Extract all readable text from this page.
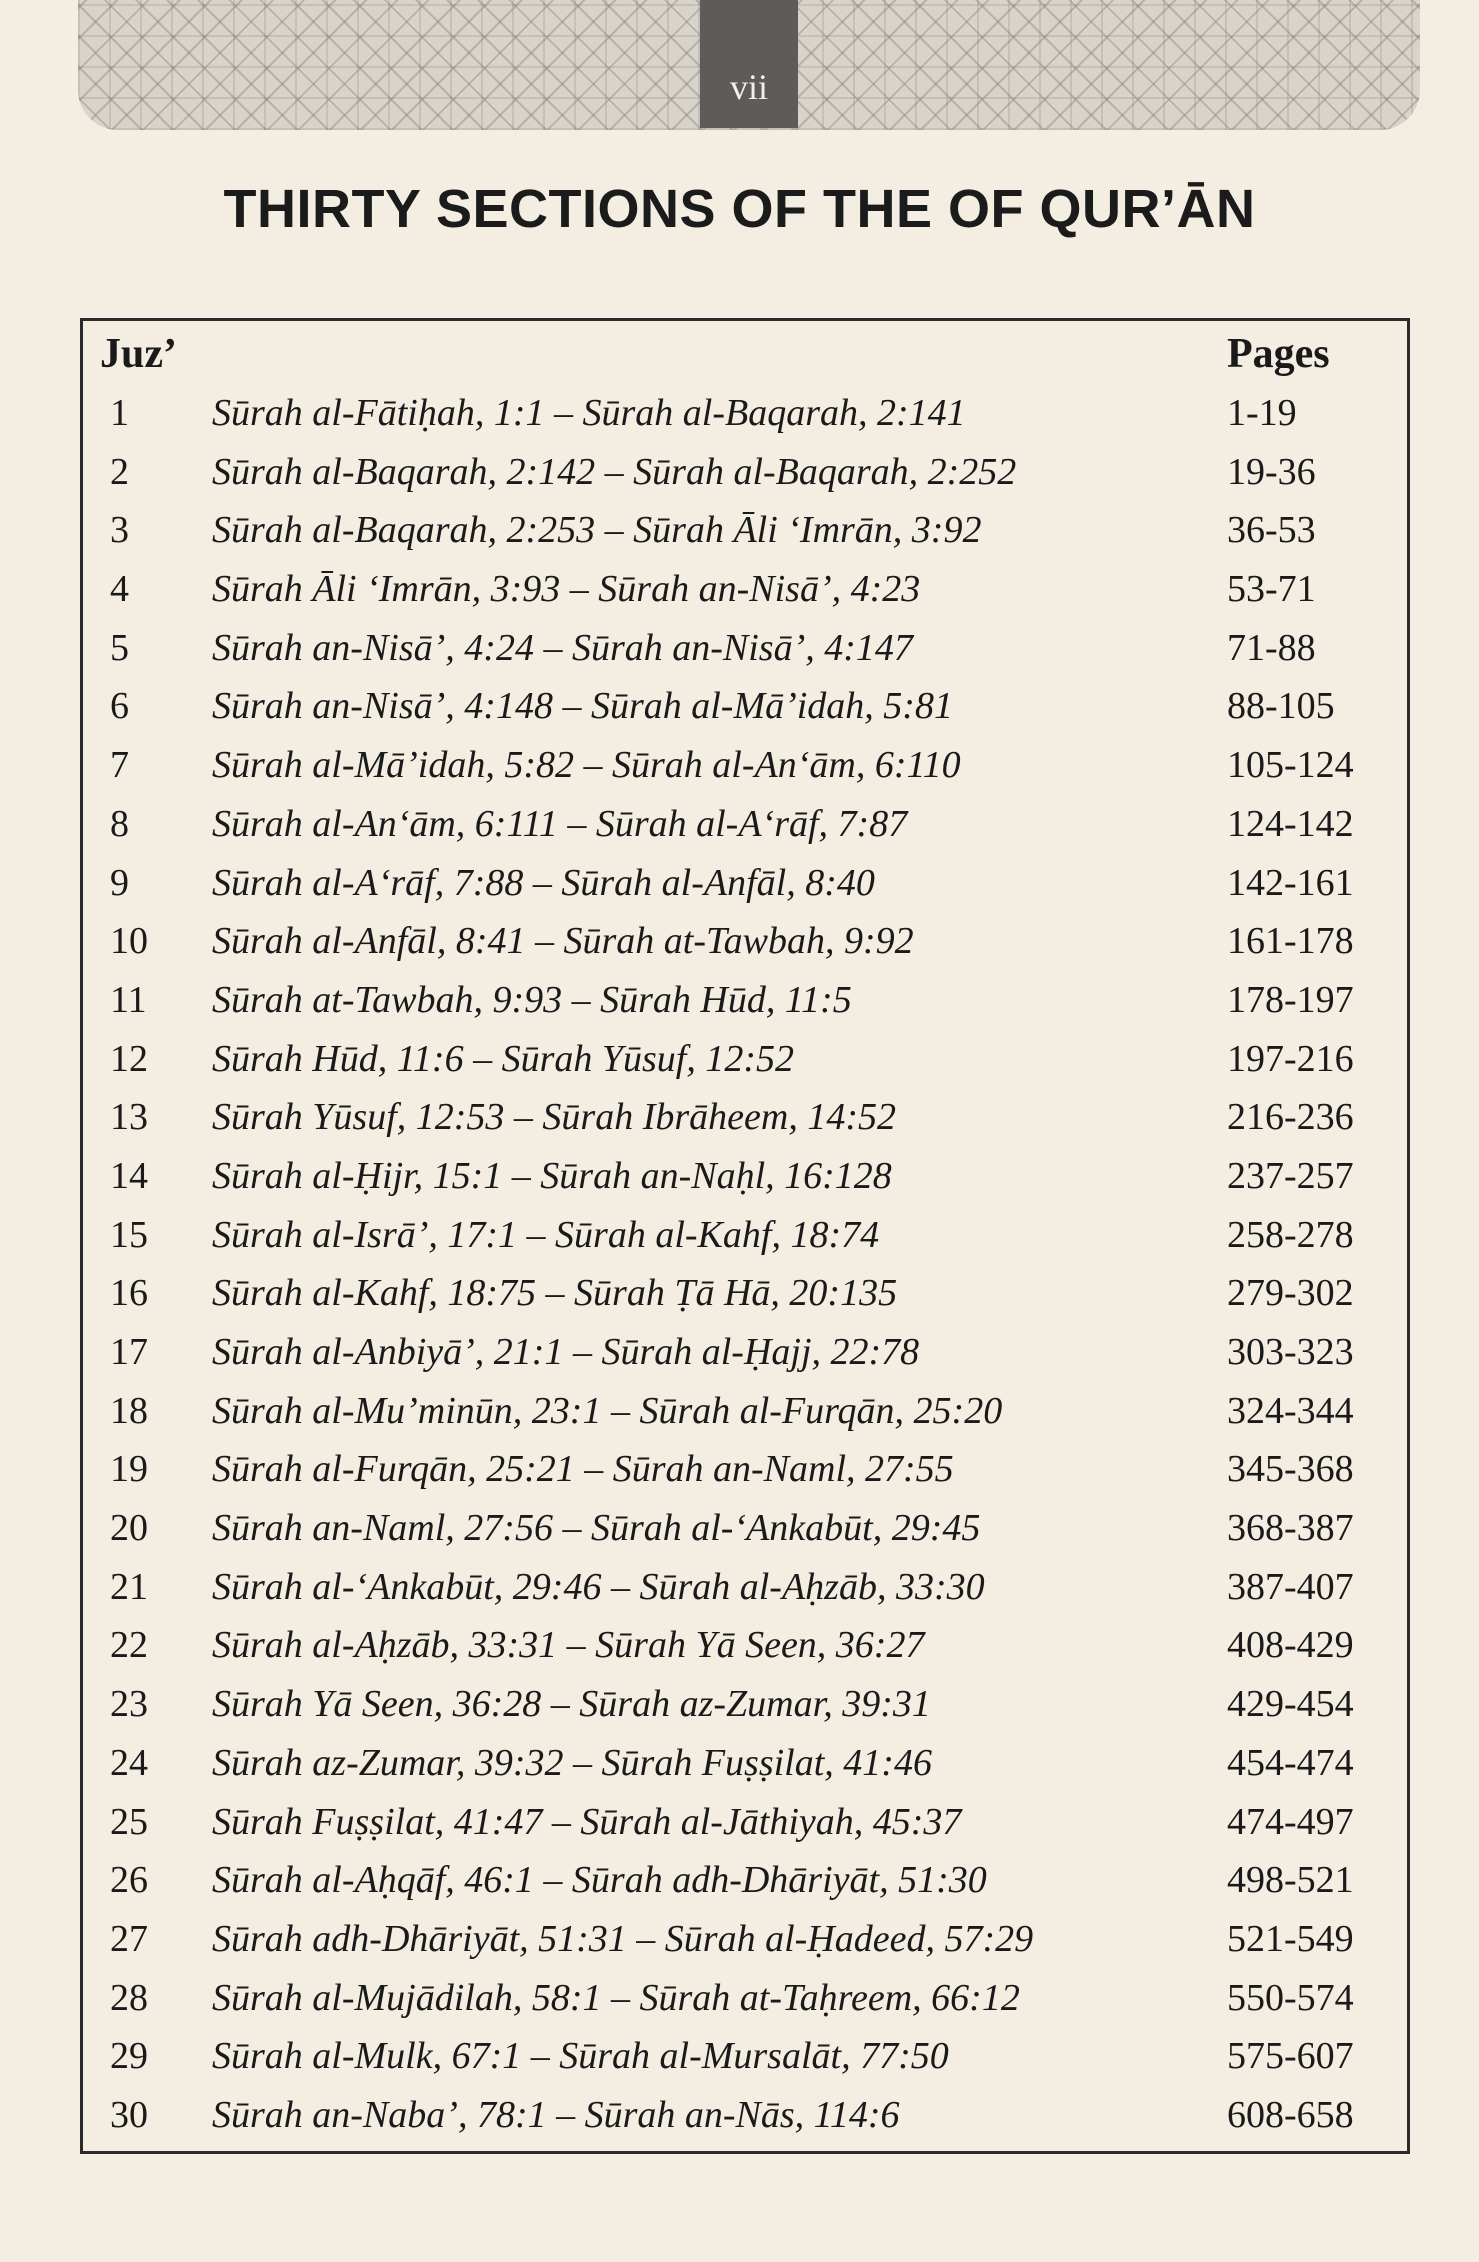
vii
THIRTY SECTIONS OF THE OF QUR’ĀN
Juz’	Pages
1	Sūrah al-Fātiḥah, 1:1 – Sūrah al-Baqarah, 2:141	1-19
2	Sūrah al-Baqarah, 2:142 – Sūrah al-Baqarah, 2:252	19-36
3	Sūrah al-Baqarah, 2:253 – Sūrah Āli ‘Imrān, 3:92	36-53
4	Sūrah Āli ‘Imrān, 3:93 – Sūrah an-Nisā’, 4:23	53-71
5	Sūrah an-Nisā’, 4:24 – Sūrah an-Nisā’, 4:147	71-88
6	Sūrah an-Nisā’, 4:148 – Sūrah al-Mā’idah, 5:81	88-105
7	Sūrah al-Mā’idah, 5:82 – Sūrah al-An‘ām, 6:110	105-124
8	Sūrah al-An‘ām, 6:111 – Sūrah al-A‘rāf, 7:87	124-142
9	Sūrah al-A‘rāf, 7:88 – Sūrah al-Anfāl, 8:40	142-161
10	Sūrah al-Anfāl, 8:41 – Sūrah at-Tawbah, 9:92	161-178
11	Sūrah at-Tawbah, 9:93 – Sūrah Hūd, 11:5	178-197
12	Sūrah Hūd, 11:6 – Sūrah Yūsuf, 12:52	197-216
13	Sūrah Yūsuf, 12:53 – Sūrah Ibrāheem, 14:52	216-236
14	Sūrah al-Ḥijr, 15:1 – Sūrah an-Naḥl, 16:128	237-257
15	Sūrah al-Isrā’, 17:1 – Sūrah al-Kahf, 18:74	258-278
16	Sūrah al-Kahf, 18:75 – Sūrah Ṭā Hā, 20:135	279-302
17	Sūrah al-Anbiyā’, 21:1 – Sūrah al-Ḥajj, 22:78	303-323
18	Sūrah al-Mu’minūn, 23:1 – Sūrah al-Furqān, 25:20	324-344
19	Sūrah al-Furqān, 25:21 – Sūrah an-Naml, 27:55	345-368
20	Sūrah an-Naml, 27:56 – Sūrah al-‘Ankabūt, 29:45	368-387
21	Sūrah al-‘Ankabūt, 29:46 – Sūrah al-Aḥzāb, 33:30	387-407
22	Sūrah al-Aḥzāb, 33:31 – Sūrah Yā Seen, 36:27	408-429
23	Sūrah Yā Seen, 36:28 – Sūrah az-Zumar, 39:31	429-454
24	Sūrah az-Zumar, 39:32 – Sūrah Fuṣṣilat, 41:46	454-474
25	Sūrah Fuṣṣilat, 41:47 – Sūrah al-Jāthiyah, 45:37	474-497
26	Sūrah al-Aḥqāf, 46:1 – Sūrah adh-Dhāriyāt, 51:30	498-521
27	Sūrah adh-Dhāriyāt, 51:31 – Sūrah al-Ḥadeed, 57:29	521-549
28	Sūrah al-Mujādilah, 58:1 – Sūrah at-Taḥreem, 66:12	550-574
29	Sūrah al-Mulk, 67:1 – Sūrah al-Mursalāt, 77:50	575-607
30	Sūrah an-Naba’, 78:1 – Sūrah an-Nās, 114:6	608-658
